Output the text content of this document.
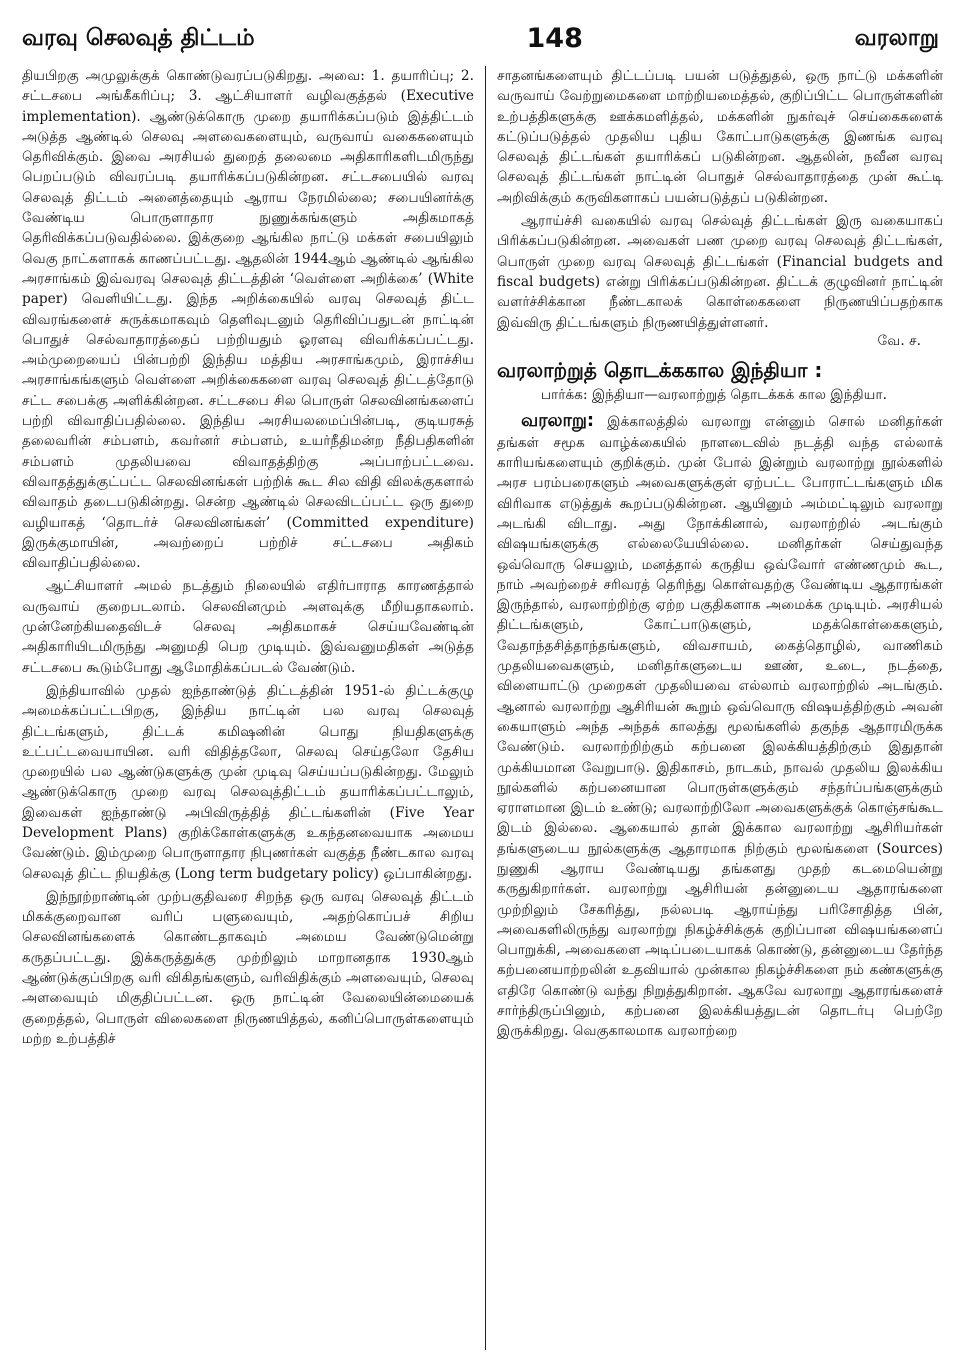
வரவு செலவுத் திட்டம்	148	வரலாறு

தியபிறகு அமுலுக்குக் கொண்டுவரப்படுகிறது. அவை: 1. தயாரிப்பு; 2. சட்டசபை அங்கீகரிப்பு; 3. ஆட்சியாளர் வழிவகுத்தல் (Executive implementation). ஆண்டுக்கொரு முறை தயாரிக்கப்படும் இத்திட்டம் அடுத்த ஆண்டில் செலவு அளவைகளையும், வருவாய் வகைகளையும் தெரிவிக்கும். இவை அரசியல் துறைத் தலைமை அதிகாரிகளிடமிருந்து பெறப்படும் விவரப்படி தயாரிக்கப்படுகின்றன. சட்டசபையில் வரவு செலவுத் திட்டம் அனைத்தையும் ஆராய நேரமில்லை; சபையினர்க்கு வேண்டிய பொருளாதார நுணுக்கங்களும் அதிகமாகத் தெரிவிக்கப்படுவதில்லை. இக்குறை ஆங்கில நாட்டு மக்கள் சபையிலும் வெகு நாட்களாகக் காணப்பட்டது. ஆதலின் 1944ஆம் ஆண்டில் ஆங்கில அரசாங்கம் இவ்வரவு செலவுத் திட்டத்தின் ‘வெள்ளை அறிக்கை’ (White paper) வெளியிட்டது. இந்த அறிக்கையில் வரவு செலவுத் திட்ட விவரங்களைச் சுருக்கமாகவும் தெளிவுடனும் தெரிவிப்பதுடன் நாட்டின் பொதுச் செல்வாதாரத்தைப் பற்றியதும் ஓரளவு விவரிக்கப்பட்டது. அம்முறையைப் பின்பற்றி இந்திய மத்திய அரசாங்கமும், இராச்சிய அரசாங்கங்களும் வெள்ளை அறிக்கைகளை வரவு செலவுத் திட்டத்தோடு சட்ட சபைக்கு அளிக்கின்றன. சட்டசபை சில பொருள் செலவினங்களைப் பற்றி விவாதிப்பதில்லை. இந்திய அரசியலமைப்பின்படி, குடியரசுத் தலைவரின் சம்பளம், கவர்னர் சம்பளம், உயர்நீதிமன்ற நீதிபதிகளின் சம்பளம் முதலியவை விவாதத்திற்கு அப்பாற்பட்டவை. விவாதத்துக்குட்பட்ட செலவினங்கள் பற்றிக் கூட சில விதி விலக்குகளால் விவாதம் தடைபடுகின்றது. சென்ற ஆண்டில் செலவிடப்பட்ட ஒரு துறை வழியாகத் ‘தொடர்ச் செலவினங்கள்’ (Committed expenditure) இருக்குமாயின், அவற்றைப் பற்றிச் சட்டசபை அதிகம் விவாதிப்பதில்லை.

ஆட்சியாளர் அமல் நடத்தும் நிலையில் எதிர்பாராத காரணத்தால் வருவாய் குறைபடலாம். செலவினமும் அளவுக்கு மீறியதாகலாம். முன்னேற்கியதைவிடச் செலவு அதிகமாகச் செய்யவேண்டின் அதிகாரியிடமிருந்து அனுமதி பெற முடியும். இவ்வனுமதிகள் அடுத்த சட்டசபை கூடும்போது ஆமோதிக்கப்படல் வேண்டும்.

இந்தியாவில் முதல் ஐந்தாண்டுத் திட்டத்தின் 1951-ல் திட்டக்குழு அமைக்கப்பட்டபிறகு, இந்திய நாட்டின் பல வரவு செலவுத் திட்டங்களும், திட்டக் கமிஷனின் பொது நியதிகளுக்கு உட்பட்டவையாயின. வரி விதித்தலோ, செலவு செய்தலோ தேசிய முறையில் பல ஆண்டுகளுக்கு முன் முடிவு செய்யப்படுகின்றது. மேலும் ஆண்டுக்கொரு முறை வரவு செலவுத்திட்டம் தயாரிக்கப்பட்டாலும், இவைகள் ஐந்தாண்டு அபிவிருத்தித் திட்டங்களின் (Five Year Development Plans) குறிக்கோள்களுக்கு உகந்தனவையாக அமைய வேண்டும். இம்முறை பொருளாதார நிபுணர்கள் வகுத்த நீண்டகால வரவு செலவுத் திட்ட நியதிக்கு (Long term budgetary policy) ஒப்பாகின்றது.

இந்நூற்றாண்டின் முற்பகுதிவரை சிறந்த ஒரு வரவு செலவுத் திட்டம் மிகக்குறைவான வரிப் பளுவையும், அதற்கொப்பச் சிறிய செலவினங்களைக் கொண்டதாகவும் அமைய வேண்டுமென்று கருதப்பட்டது. இக்கருத்துக்கு முற்றிலும் மாறானதாக 1930ஆம் ஆண்டுக்குப்பிறகு வரி விகிதங்களும், வரிவிதிக்கும் அளவையும், செலவு அளவையும் மிகுதிப்பட்டன. ஒரு நாட்டின் வேலையின்மையைக் குறைத்தல், பொருள் விலைகளை நிருணயித்தல், கனிப்பொருள்களையும் மற்ற உற்பத்திச்

சாதனங்களையும் திட்டப்படி பயன் படுத்துதல், ஒரு நாட்டு மக்களின் வருவாய் வேற்றுமைகளை மாற்றியமைத்தல், குறிப்பிட்ட பொருள்களின் உற்பத்திகளுக்கு ஊக்கமளித்தல், மக்களின் நுகர்வுச் செய்கைகளைக் கட்டுப்படுத்தல் முதலிய புதிய கோட்பாடுகளுக்கு இணங்க வரவு செலவுத் திட்டங்கள் தயாரிக்கப் படுகின்றன. ஆதலின், நவீன வரவு செலவுத் திட்டங்கள் நாட்டின் பொதுச் செல்வாதாரத்தை முன் கூட்டி அறிவிக்கும் கருவிகளாகப் பயன்படுத்தப் படுகின்றன.

ஆராய்ச்சி வகையில் வரவு செல்வுத் திட்டங்கள் இரு வகையாகப் பிரிக்கப்படுகின்றன. அவைகள் பண முறை வரவு செலவுத் திட்டங்கள், பொருள் முறை வரவு செலவுத் திட்டங்கள் (Financial budgets and fiscal budgets) என்று பிரிக்கப்படுகின்றன. திட்டக் குழுவினர் நாட்டின் வளர்ச்சிக்கான நீண்டகாலக் கொள்கைகளை நிருணயிப்பதற்காக இவ்விரு திட்டங்களும் நிருணயித்துள்ளனர்.

வே. ச.
வரலாற்றுத் தொடக்ககால இந்தியா :

பார்க்க: இந்தியா—வரலாற்றுத் தொடக்கக் கால இந்தியா.

வரலாறு: இக்காலத்தில் வரலாறு என்னும் சொல் மனிதர்கள் தங்கள் சமூக வாழ்க்கையில் நாளடைவில் நடத்தி வந்த எல்லாக் காரியங்களையும் குறிக்கும். முன் போல் இன்றும் வரலாற்று நூல்களில் அரச பரம்பரைகளும் அவைகளுக்குள் ஏற்பட்ட போராட்டங்களும் மிக விரிவாக எடுத்துக் கூறப்படுகின்றன. ஆயினும் அம்மட்டிலும் வரலாறு அடங்கி விடாது. அது நோக்கினால், வரலாற்றில் அடங்கும் விஷயங்களுக்கு எல்லையேயில்லை. மனிதர்கள் செய்துவந்த ஒவ்வொரு செயலும், மனத்தால் கருதிய ஒவ்வோர் எண்ணமும் கூட, நாம் அவற்றைச் சரிவரத் தெரிந்து கொள்வதற்கு வேண்டிய ஆதாரங்கள் இருந்தால், வரலாற்றிற்கு ஏற்ற பகுதிகளாக அமைக்க முடியும். அரசியல் திட்டங்களும், கோட்பாடுகளும், மதக்கொள்கைகளும், வேதாந்தசித்தாந்தங்களும், விவசாயம், கைத்தொழில், வாணிகம் முதலியவைகளும், மனிதர்களுடைய ஊண், உடை, நடத்தை, விளையாட்டு முறைகள் முதலியவை எல்லாம் வரலாற்றில் அடங்கும். ஆனால் வரலாற்று ஆசிரியன் கூறும் ஒவ்வொரு விஷயத்திற்கும் அவன் கையாளும் அந்த அந்தக் காலத்து மூலங்களில் தகுந்த ஆதாரமிருக்க வேண்டும். வரலாற்றிற்கும் கற்பனை இலக்கியத்திற்கும் இதுதான் முக்கியமான வேறுபாடு. இதிகாசம், நாடகம், நாவல் முதலிய இலக்கிய நூல்களில் கற்பனையான பொருள்களுக்கும் சந்தர்ப்பங்களுக்கும் ஏராளமான இடம் உண்டு; வரலாற்றிலோ அவைகளுக்குக் கொஞ்சங்கூட இடம் இல்லை. ஆகையால் தான் இக்கால வரலாற்று ஆசிரியர்கள் தங்களுடைய நூல்களுக்கு ஆதாரமாக நிற்கும் மூலங்களை (Sources) நுணுகி ஆராய வேண்டியது தங்களது முதற் கடமையென்று கருதுகிறார்கள். வரலாற்று ஆசிரியன் தன்னுடைய ஆதாரங்களை முற்றிலும் சேகரித்து, நல்லபடி ஆராய்ந்து பரிசோதித்த பின், அவைகளிலிருந்து வரலாற்று நிகழ்ச்சிக்குக் குறிப்பான விஷயங்களைப் பொறுக்கி, அவைகளை அடிப்படையாகக் கொண்டு, தன்னுடைய தேர்ந்த கற்பனையாற்றலின் உதவியால் முன்கால நிகழ்ச்சிகளை நம் கண்களுக்கு எதிரே கொண்டு வந்து நிறுத்துகிறான். ஆகவே வரலாறு ஆதாரங்களைச் சார்ந்திருப்பினும், கற்பனை இலக்கியத்துடன் தொடர்பு பெற்றே இருக்கிறது. வெகுகாலமாக வரலாற்றை
